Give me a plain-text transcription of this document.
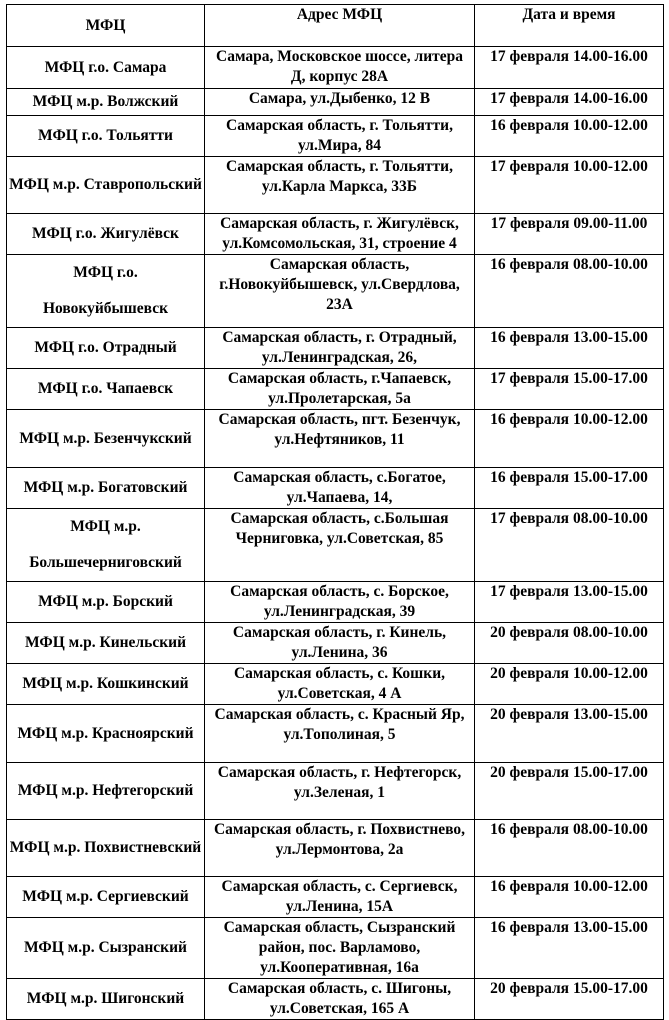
МФЦ	Адрес МФЦ	Дата и время
МФЦ г.о. Самара	Самара, Московское шоссе, литера Д, корпус 28А	17 февраля 14.00-16.00
МФЦ м.р. Волжский	Самара, ул.Дыбенко, 12 В	17 февраля 14.00-16.00
МФЦ г.о. Тольятти	Самарская область, г. Тольятти, ул.Мира, 84	16 февраля 10.00-12.00
МФЦ м.р. Ставропольский	Самарская область, г. Тольятти, ул.Карла Маркса, 33Б	17 февраля 10.00-12.00
МФЦ г.о. Жигулёвск	Самарская область, г. Жигулёвск, ул.Комсомольская, 31, строение 4	17 февраля 09.00-11.00
МФЦ г.о. Новокуйбышевск	Самарская область, г.Новокуйбышевск, ул.Свердлова, 23А	16 февраля 08.00-10.00
МФЦ г.о. Отрадный	Самарская область, г. Отрадный, ул.Ленинградская, 26,	16 февраля 13.00-15.00
МФЦ г.о. Чапаевск	Самарская область, г.Чапаевск, ул.Пролетарская, 5а	17 февраля 15.00-17.00
МФЦ м.р. Безенчукский	Самарская область, пгт. Безенчук, ул.Нефтяников, 11	16 февраля 10.00-12.00
МФЦ м.р. Богатовский	Самарская область, с.Богатое, ул.Чапаева, 14,	16 февраля 15.00-17.00
МФЦ м.р. Большечерниговский	Самарская область, с.Большая Черниговка, ул.Советская, 85	17 февраля 08.00-10.00
МФЦ м.р. Борский	Самарская область, с. Борское, ул.Ленинградская, 39	17 февраля 13.00-15.00
МФЦ м.р. Кинельский	Самарская область, г. Кинель, ул.Ленина, 36	20 февраля 08.00-10.00
МФЦ м.р. Кошкинский	Самарская область, с. Кошки, ул.Советская, 4 А	20 февраля 10.00-12.00
МФЦ м.р. Красноярский	Самарская область, с. Красный Яр, ул.Тополиная, 5	20 февраля 13.00-15.00
МФЦ м.р. Нефтегорский	Самарская область, г. Нефтегорск, ул.Зеленая, 1	20 февраля 15.00-17.00
МФЦ м.р. Похвистневский	Самарская область, г. Похвистнево, ул.Лермонтова, 2а	16 февраля 08.00-10.00
МФЦ м.р. Сергиевский	Самарская область, с. Сергиевск, ул.Ленина, 15А	16 февраля 10.00-12.00
МФЦ м.р. Сызранский	Самарская область, Сызранский район, пос. Варламово, ул.Кооперативная, 16а	16 февраля 13.00-15.00
МФЦ м.р. Шигонский	Самарская область, с. Шигоны, ул.Советская, 165 А	20 февраля 15.00-17.00
